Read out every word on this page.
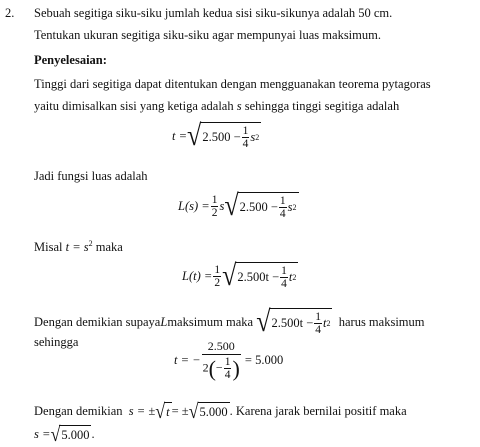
2. Sebuah segitiga siku-siku jumlah kedua sisi siku-sikunya adalah 50 cm.
Tentukan ukuran segitiga siku-siku agar mempunyai luas maksimum.
Penyelesaian:
Tinggi dari segitiga dapat ditentukan dengan mengguanakan teorema pytagoras
yaitu dimisalkan sisi yang ketiga adalah s sehingga tinggi segitiga adalah
t = √ $2.500 - \frac{1}{4}$ s 2
Jadi fungsi luas adalah
$L(s) = \frac{1}{2}$ s √ $2.500 - \frac{1}{4}$ s 2
Misal $t = s^2$ maka
$L(t) = \frac{1}{2}$ √ $2.500t - \frac{1}{4}$ t 2
Dengan demikian supaya L maksimum maka
√ $2.500t - \frac{1}{4}$ t 2
harus maksimum
sehingga
t = − $\frac{2.500}{2(- \frac{1}{4} )}$
= 5.000
Dengan demikian
s = ± √ t = ± √ 5.000 . Karena jarak bernilai positif maka
s = √ 5.000 .
